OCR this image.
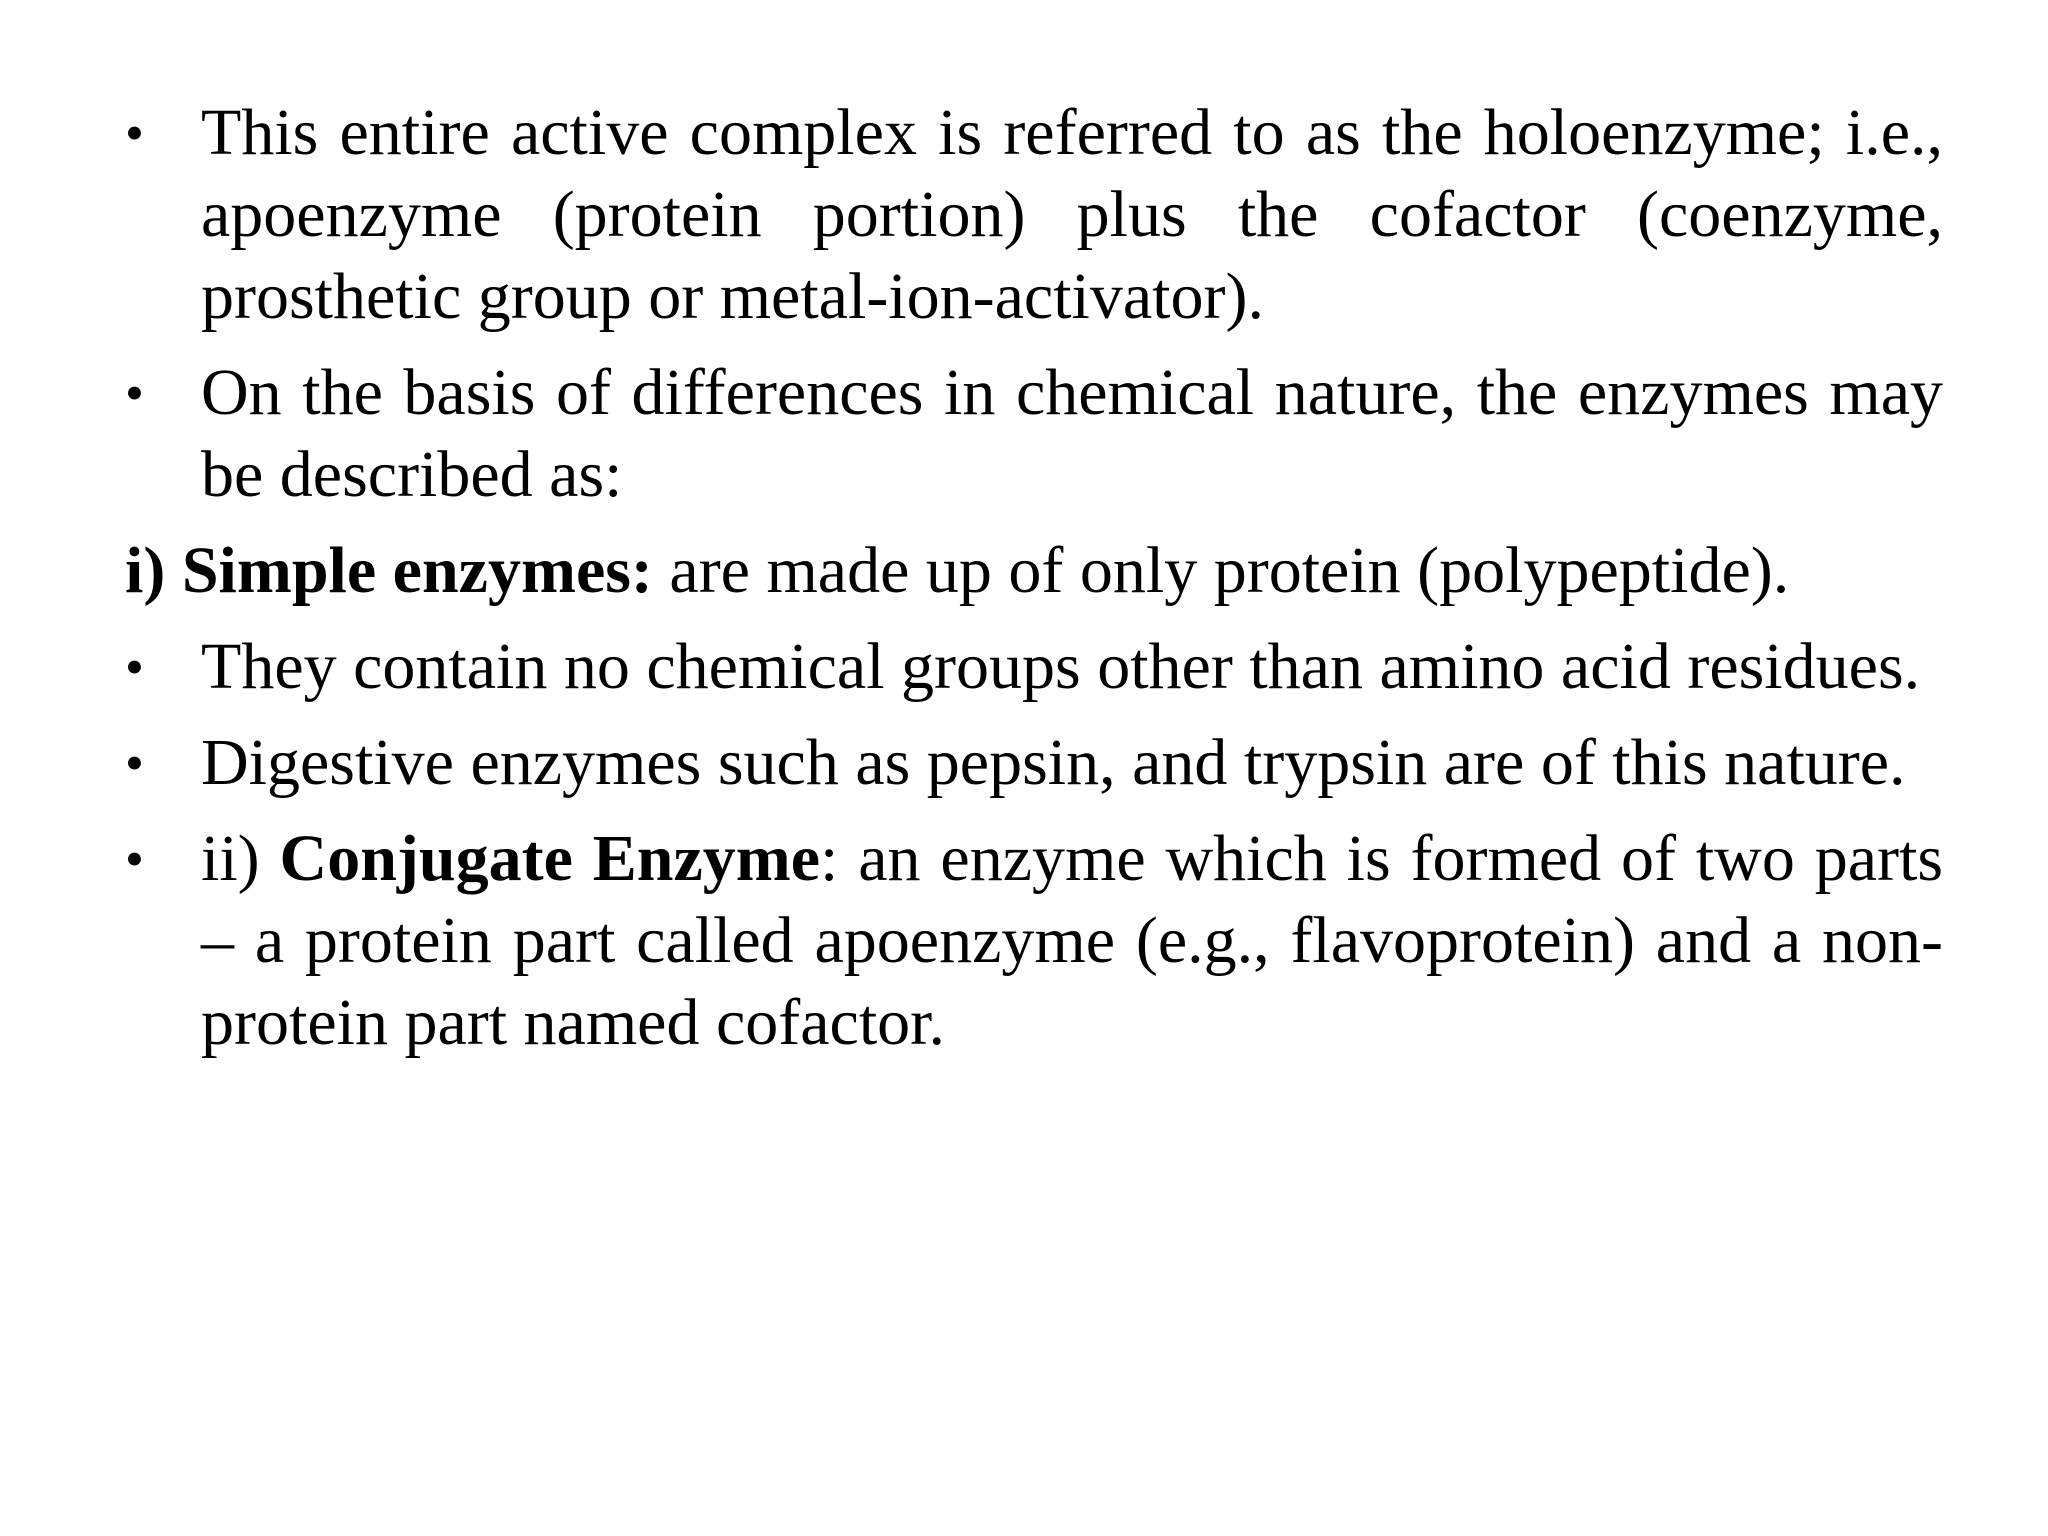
• This entire active complex is referred to as the holoenzyme; i.e., apoenzyme (protein portion) plus the cofactor (coenzyme, prosthetic group or metal-ion-activator).

• On the basis of differences in chemical nature, the enzymes may be described as:

i) Simple enzymes: are made up of only protein (polypeptide).

• They contain no chemical groups other than amino acid residues.

• Digestive enzymes such as pepsin, and trypsin are of this nature.

• ii) Conjugate Enzyme: an enzyme which is formed of two parts – a protein part called apoenzyme (e.g., flavoprotein) and a non-protein part named cofactor.
